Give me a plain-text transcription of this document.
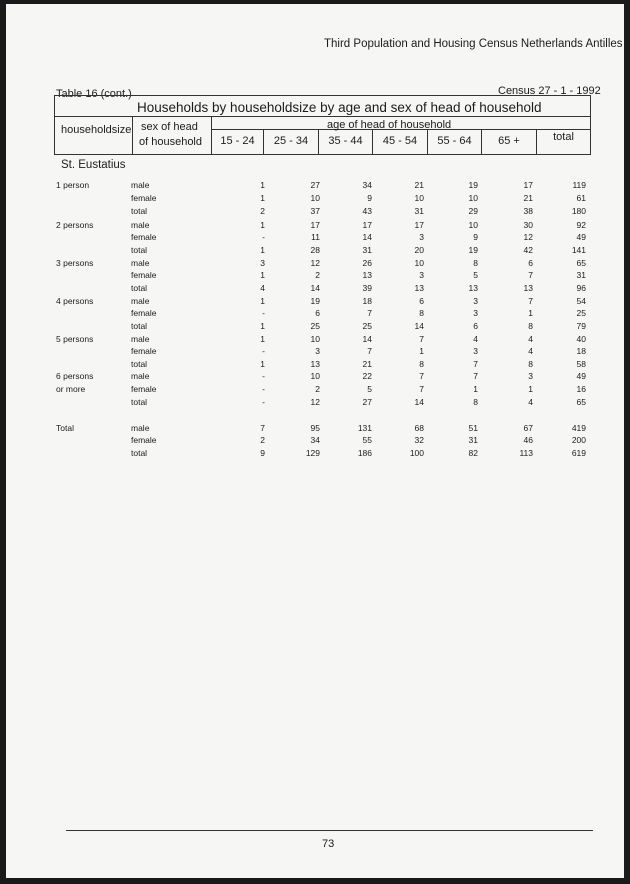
Third Population and Housing Census Netherlands Antilles
Table 16 (cont.)	Census 27 - 1 - 1992
Households by householdsize by age and sex of head of household
householdsize sex of head
of household
age of head of household
15 - 24	25 - 34	35 - 44	45 - 54	55 - 64	65 +	total
St. Eustatius
1 person	male	1	27	34	21	19	17	119
female	1	10	9	10	10	21	61
total	2	37	43	31	29	38	180
2 persons	male	1	17	17	17	10	30	92
female	-	11	14	3	9	12	49
total	1	28	31	20	19	42	141
3 persons	male	3	12	26	10	8	6	65
female	1	2	13	3	5	7	31
total	4	14	39	13	13	13	96
4 persons	male	1	19	18	6	3	7	54
female	-	6	7	8	3	1	25
total	1	25	25	14	6	8	79
5 persons	male	1	10	14	7	4	4	40
female	-	3	7	1	3	4	18
total	1	13	21	8	7	8	58
6 persons	male	-	10	22	7	7	3	49
or more	female	-	2	5	7	1	1	16
total	-	12	27	14	8	4	65
Total	male	7	95	131	68	51	67	419
female	2	34	55	32	31	46	200
total	9	129	186	100	82	113	619
73
